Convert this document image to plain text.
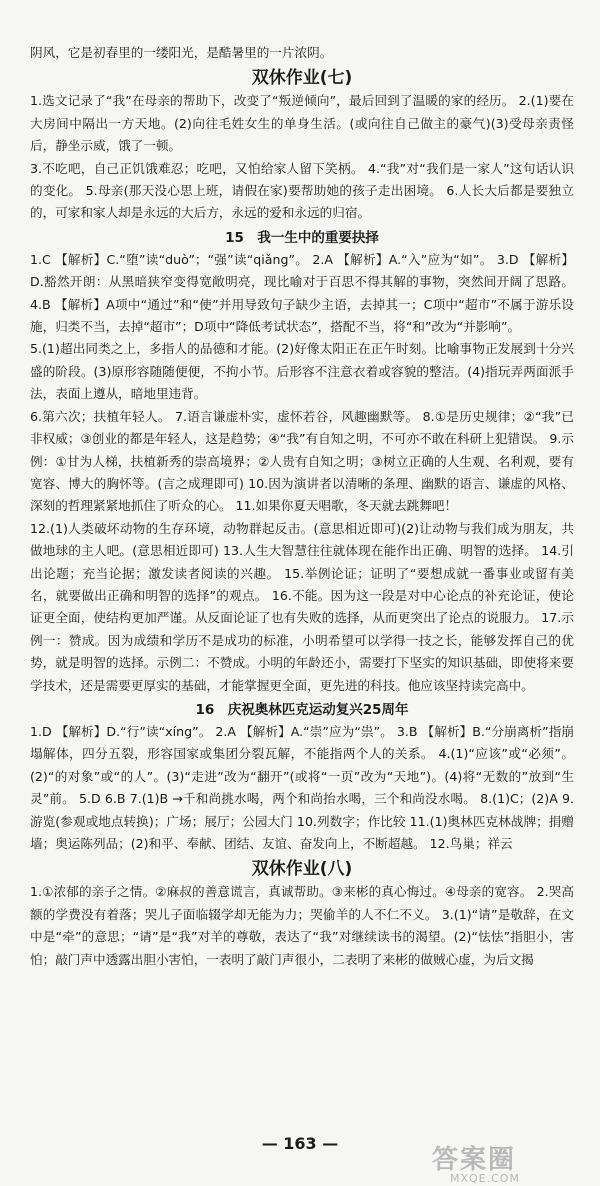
阴风，它是初春里的一缕阳光，是酷暑里的一片浓阴。

双休作业(七)

1.选文记录了“我”在母亲的帮助下，改变了“叛逆倾向”，最后回到了温暖的家的经历。 2.(1)要在大房间中隔出一方天地。(2)向往毛姓女生的单身生活。(或向往自己做主的豪气)(3)受母亲责怪后，静坐示威，饿了一顿。

3.不吃吧，自己正饥饿难忍；吃吧，又怕给家人留下笑柄。 4.“我”对“我们是一家人”这句话认识的变化。 5.母亲(那天没心思上班，请假在家)要帮助她的孩子走出困境。 6.人长大后都是要独立的，可家和家人却是永远的大后方，永远的爱和永远的归宿。

15　我一生中的重要抉择

1.C 【解析】C.“堕”读“duò”；“强”读“qiǎng”。 2.A 【解析】A.“入”应为“如”。 3.D 【解析】D.豁然开朗：从黑暗狭窄变得宽敞明亮，现比喻对于百思不得其解的事物，突然间开阔了思路。 4.B 【解析】A项中“通过”和“使”并用导致句子缺少主语，去掉其一；C项中“超市”不属于游乐设施，归类不当，去掉“超市”；D项中“降低考试状态”，搭配不当，将“和”改为“并影响”。

5.(1)超出同类之上，多指人的品德和才能。(2)好像太阳正在正午时刻。比喻事物正发展到十分兴盛的阶段。(3)原形容随随便便，不拘小节。后形容不注意衣着或容貌的整洁。(4)指玩弄两面派手法，表面上遵从，暗地里违背。

6.第六次；扶植年轻人。 7.语言谦虚朴实，虚怀若谷，风趣幽默等。 8.①是历史规律；②“我”已非权威；③创业的都是年轻人，这是趋势；④“我”有自知之明，不可亦不敢在科研上犯错误。 9.示例：①甘为人梯，扶植新秀的崇高境界；②人贵有自知之明；③树立正确的人生观、名利观，要有宽容、博大的胸怀等。(言之成理即可) 10.因为演讲者以清晰的条理、幽默的语言、谦虚的风格、深刻的哲理紧紧地抓住了听众的心。 11.如果你夏天唱歌，冬天就去跳舞吧！

12.(1)人类破坏动物的生存环境，动物群起反击。(意思相近即可)(2)让动物与我们成为朋友，共做地球的主人吧。(意思相近即可) 13.人生大智慧往往就体现在能作出正确、明智的选择。 14.引出论题；充当论据；激发读者阅读的兴趣。 15.举例论证；证明了“要想成就一番事业或留有美名，就要做出正确和明智的选择”的观点。 16.不能。因为这一段是对中心论点的补充论证，使论证更全面，使结构更加严谨。从反面论证了也有失败的选择，从而更突出了论点的说服力。 17.示例一：赞成。因为成绩和学历不是成功的标准，小明希望可以学得一技之长，能够发挥自己的优势，就是明智的选择。示例二：不赞成。小明的年龄还小，需要打下坚实的知识基础，即使将来要学技术，还是需要更厚实的基础，才能掌握更全面，更先进的科技。他应该坚持读完高中。

16　庆祝奥林匹克运动复兴25周年

1.D 【解析】D.“行”读“xíng”。 2.A 【解析】A.“崇”应为“祟”。 3.B 【解析】B.“分崩离析”指崩塌解体，四分五裂，形容国家或集团分裂瓦解，不能指两个人的关系。 4.(1)“应该”或“必须”。(2)“的对象”或“的人”。(3)“走进”改为“翻开”(或将“一页”改为“天地”)。(4)将“无数的”放到“生灵”前。 5.D 6.B 7.(1)B →千和尚挑水喝，两个和尚抬水喝，三个和尚没水喝。 8.(1)C；(2)A 9.游览(参观或地点转换)；广场；展厅；公园大门 10.列数字；作比较 11.(1)奥林匹克林战牌；捐赠墙；奥运陈列品；(2)和平、奉献、团结、友谊、奋发向上，不断超越。 12.鸟巢；祥云

双休作业(八)

1.①浓郁的亲子之情。②麻叔的善意谎言，真诚帮助。③来彬的真心悔过。④母亲的宽容。 2.哭高额的学费没有着落；哭儿子面临辍学却无能为力；哭偷羊的人不仁不义。 3.(1)“请”是敬辞，在文中是“牵”的意思；“请”是“我”对羊的尊敬，表达了“我”对继续读书的渴望。(2)“怯怯”指胆小，害怕；敲门声中透露出胆小害怕，一表明了敲门声很小，二表明了来彬的做贼心虚，为后文揭

— 163 —
答案圈
MXQE.COM
